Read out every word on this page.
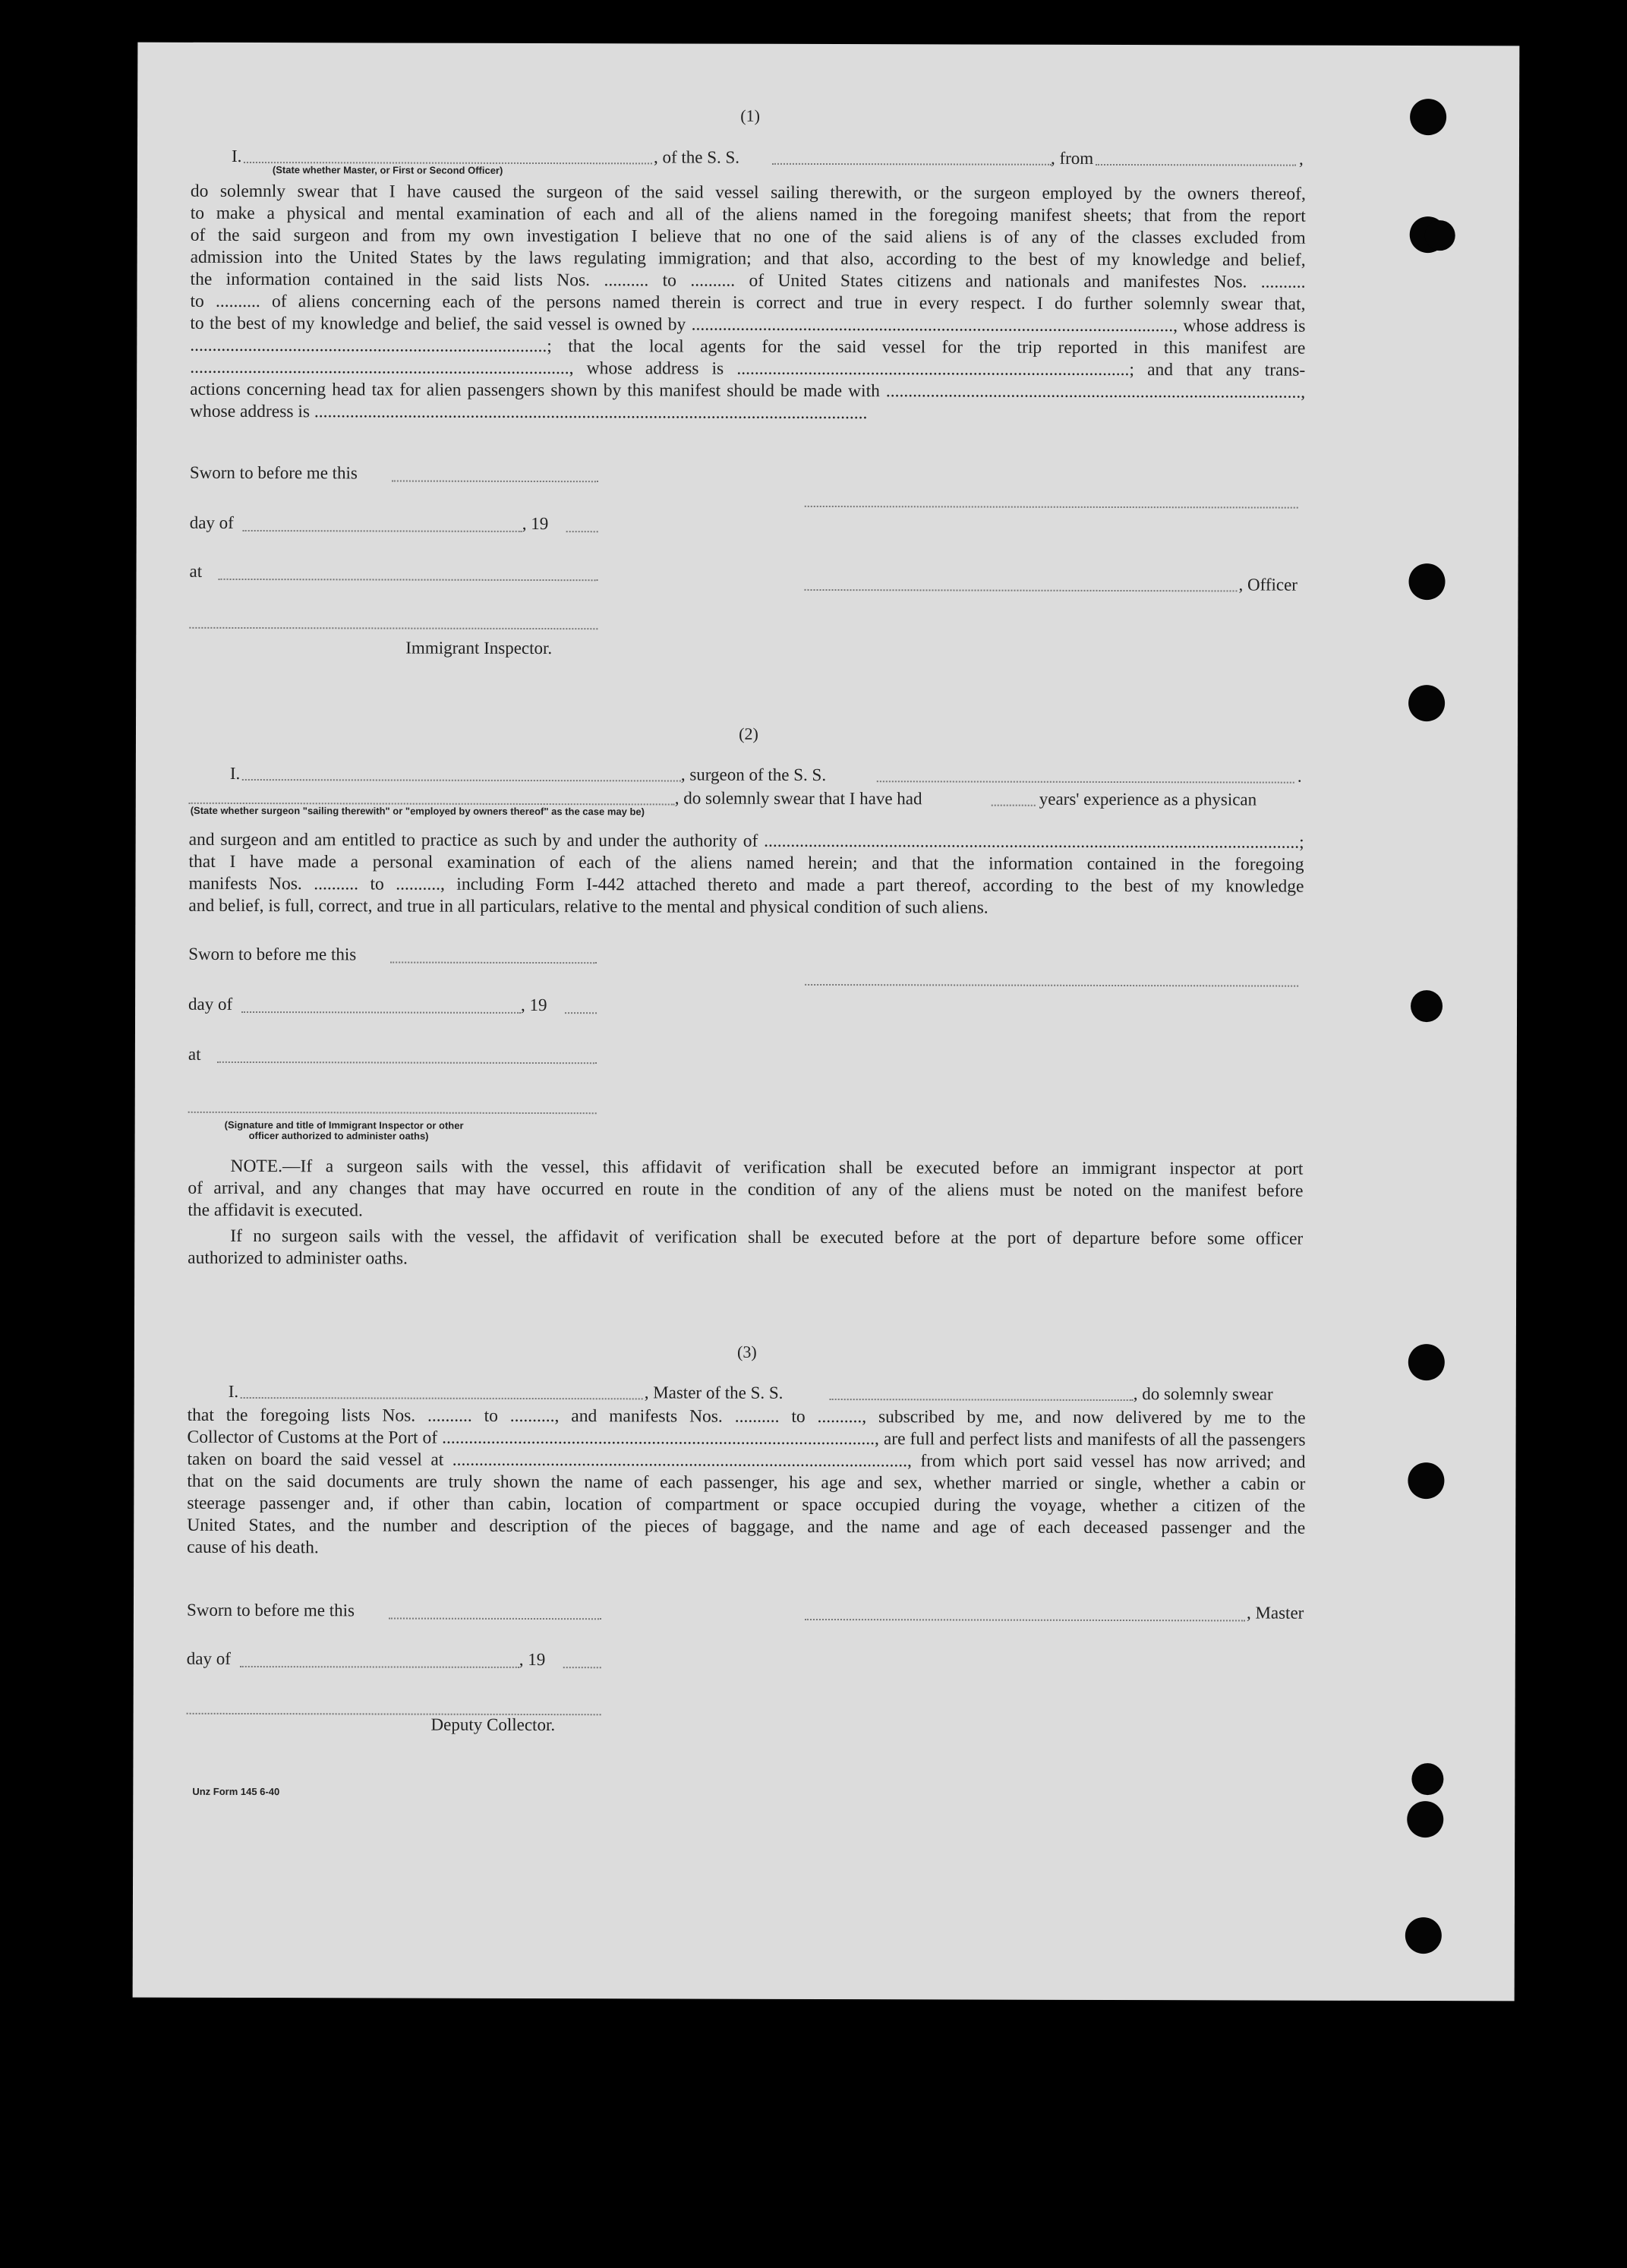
(1)
I.	, of the S. S.	, from	,
(State whether Master, or First or Second Officer)
do solemnly swear that I have caused the surgeon of the said vessel sailing therewith, or the surgeon employed by the owners thereof,
to make a physical and mental examination of each and all of the aliens named in the foregoing manifest sheets; that from the report
of the said surgeon and from my own investigation I believe that no one of the said aliens is of any of the classes excluded from
admission into the United States by the laws regulating immigration; and that also, according to the best of my knowledge and belief,
the information contained in the said lists Nos. .......... to .......... of United States citizens and nationals and manifestes Nos. ..........
to .......... of aliens concerning each of the persons named therein is correct and true in every respect. I do further solemnly swear that,
to the best of my knowledge and belief, the said vessel is owned by ............................................................................................................, whose address is
................................................................................; that the local agents for the said vessel for the trip reported in this manifest are
....................................................................................., whose address is ........................................................................................; and that any trans-
actions concerning head tax for alien passengers shown by this manifest should be made with .............................................................................................,
whose address is ............................................................................................................................
Sworn to before me this
day of	, 19
at
, Officer
Immigrant Inspector.
(2)
I.	, surgeon of the S. S.	.
, do solemnly swear that I have had	years' experience as a physican
(State whether surgeon "sailing therewith" or "employed by owners thereof" as the case may be)
and surgeon and am entitled to practice as such by and under the authority of ........................................................................................................................;
that I have made a personal examination of each of the aliens named herein; and that the information contained in the foregoing
manifests Nos. .......... to .........., including Form I-442 attached thereto and made a part thereof, according to the best of my knowledge
and belief, is full, correct, and true in all particulars, relative to the mental and physical condition of such aliens.
Sworn to before me this
day of	, 19
at
(Signature and title of Immigrant Inspector or other
officer authorized to administer oaths)
NOTE.—If a surgeon sails with the vessel, this affidavit of verification shall be executed before an immigrant inspector at port
of arrival, and any changes that may have occurred en route in the condition of any of the aliens must be noted on the manifest before
the affidavit is executed.
If no surgeon sails with the vessel, the affidavit of verification shall be executed before at the port of departure before some officer
authorized to administer oaths.
(3)
I.	, Master of the S. S.	, do solemnly swear
that the foregoing lists Nos. .......... to .........., and manifests Nos. .......... to .........., subscribed by me, and now delivered by me to the
Collector of Customs at the Port of ................................................................................................., are full and perfect lists and manifests of all the passengers
taken on board the said vessel at ......................................................................................................, from which port said vessel has now arrived; and
that on the said documents are truly shown the name of each passenger, his age and sex, whether married or single, whether a cabin or
steerage passenger and, if other than cabin, location of compartment or space occupied during the voyage, whether a citizen of the
United States, and the number and description of the pieces of baggage, and the name and age of each deceased passenger and the
cause of his death.
Sworn to before me this	, Master
day of	, 19
Deputy Collector.
Unz Form 145 6-40
